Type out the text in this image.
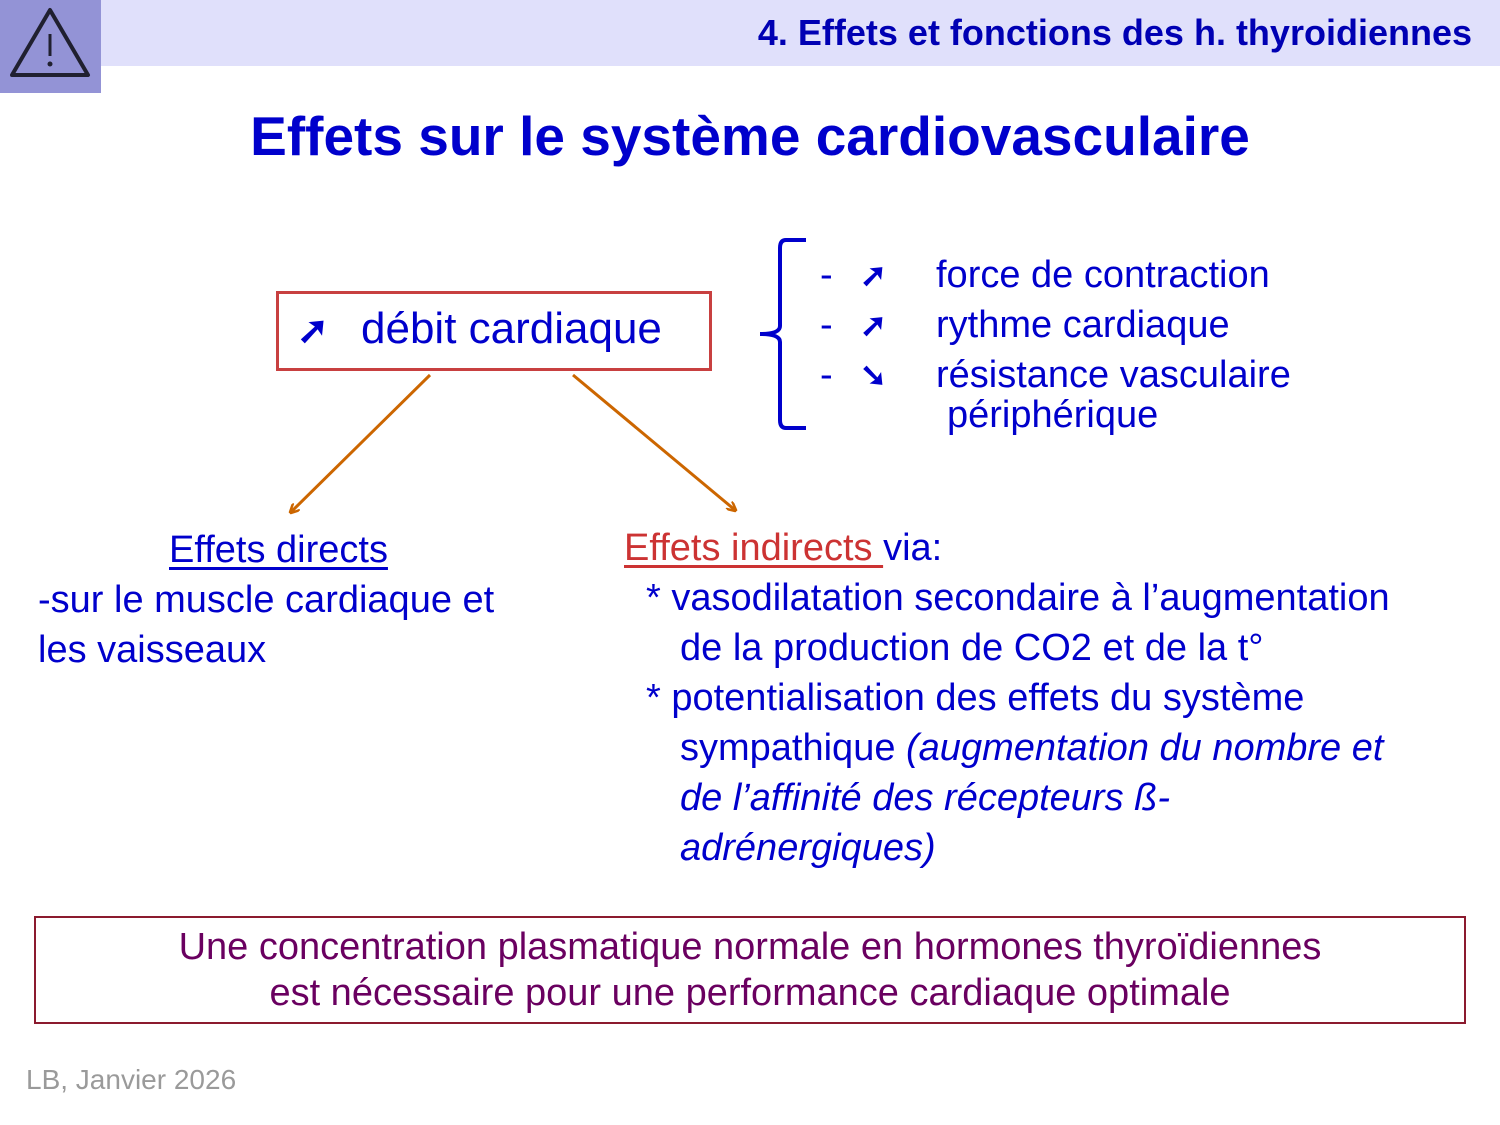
4. Effets et fonctions des h. thyroidiennes
Effets sur le système cardiovasculaire
➚ débit cardiaque
- ➚ force de contraction
- ➚ rythme cardiaque
- ➘ résistance vasculaire
périphérique
Effets directs
-sur le muscle cardiaque et
les vaisseaux
Effets indirects via:
* vasodilatation secondaire à l’augmentation
de la production de CO2 et de la t°
* potentialisation des effets du système
sympathique (augmentation du nombre et
de l’affinité des récepteurs ß-
adrénergiques)
Une concentration plasmatique normale en hormones thyroïdiennes
est nécessaire pour une performance cardiaque optimale
LB, Janvier 2026
